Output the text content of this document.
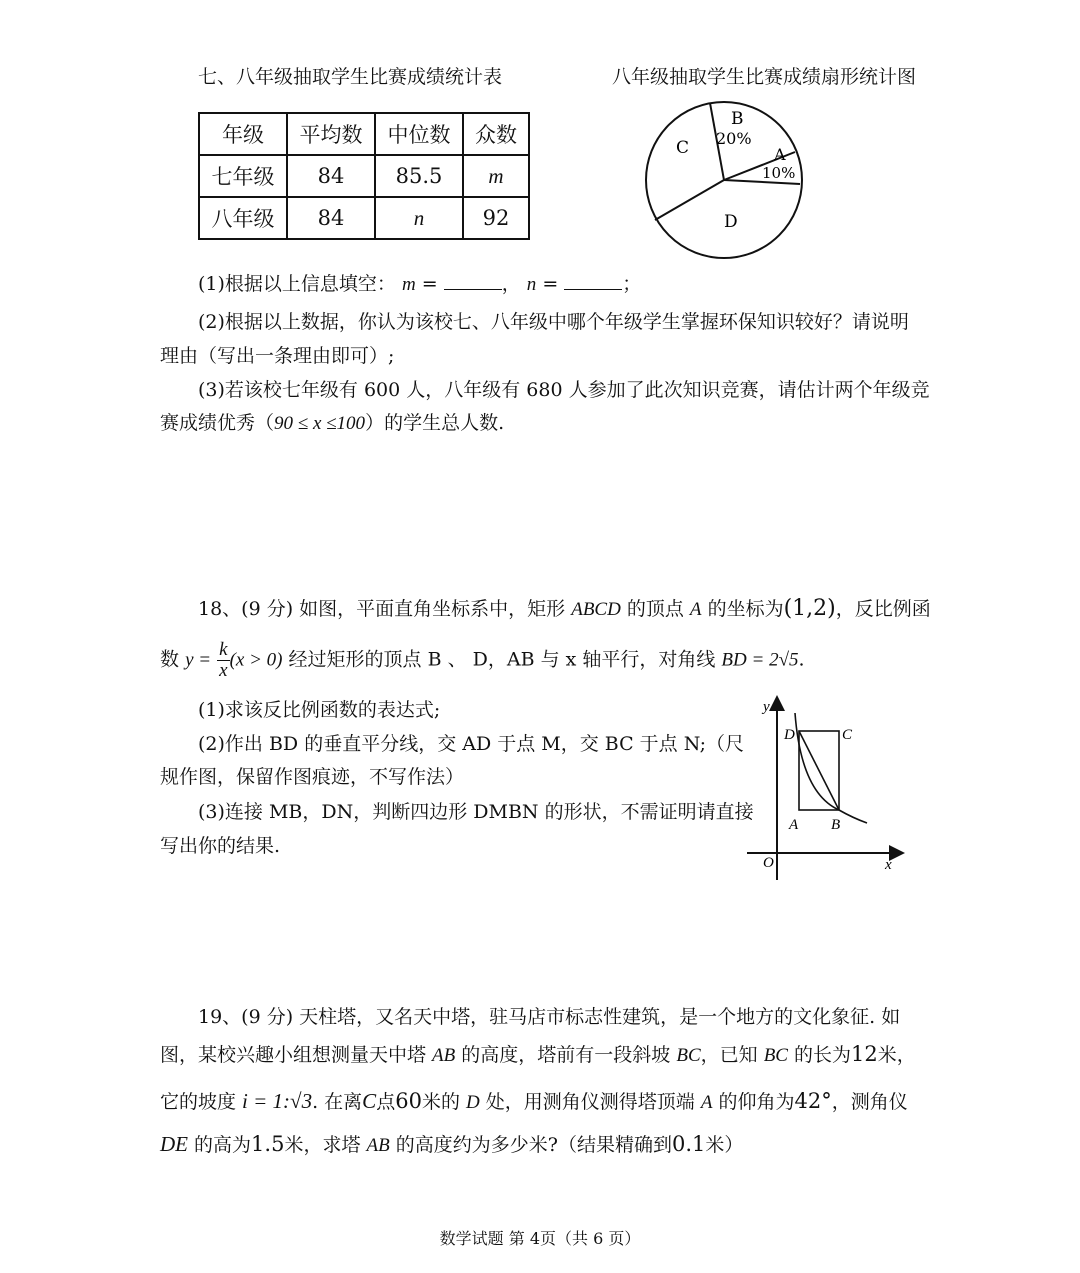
七、八年级抽取学生比赛成绩统计表	八年级抽取学生比赛成绩扇形统计图
年级	平均数	中位数	众数
七年级	84	85.5	m
八年级	84	n	92
B
20%
A
10%
C
D
(1)根据以上信息填空： m =	， n =	；
(2)根据以上数据，你认为该校七、八年级中哪个年级学生掌握环保知识较好？请说明
理由（写出一条理由即可）;
(3)若该校七年级有 600 人，八年级有 680 人参加了此次知识竞赛，请估计两个年级竞
赛成绩优秀（90 ≤ x ≤100）的学生总人数.
18、(9 分) 如图，平面直角坐标系中，矩形 ABCD 的顶点 A 的坐标为(1,2)，反比例函
数 $y = \frac{k}{x} (x > 0)$ 经过矩形的顶点 B 、 D，AB 与 x 轴平行，对角线 BD = 2√5.
(1)求该反比例函数的表达式;
(2)作出 BD 的垂直平分线，交 AD 于点 M，交 BC 于点 N;（尺
规作图，保留作图痕迹，不写作法）
(3)连接 MB，DN，判断四边形 DMBN 的形状，不需证明请直接
写出你的结果.
y
x
O
D	C
A B
19、(9 分) 天柱塔，又名天中塔，驻马店市标志性建筑，是一个地方的文化象征. 如
图，某校兴趣小组想测量天中塔 AB 的高度，塔前有一段斜坡 BC，已知 BC 的长为12米，
它的坡度 i = 1:√3. 在离C点60米的 D 处，用测角仪测得塔顶端 A 的仰角为42°，测角仪
DE 的高为1.5米，求塔 AB 的高度约为多少米?（结果精确到0.1米）
数学试题 第 4页（共 6 页）
